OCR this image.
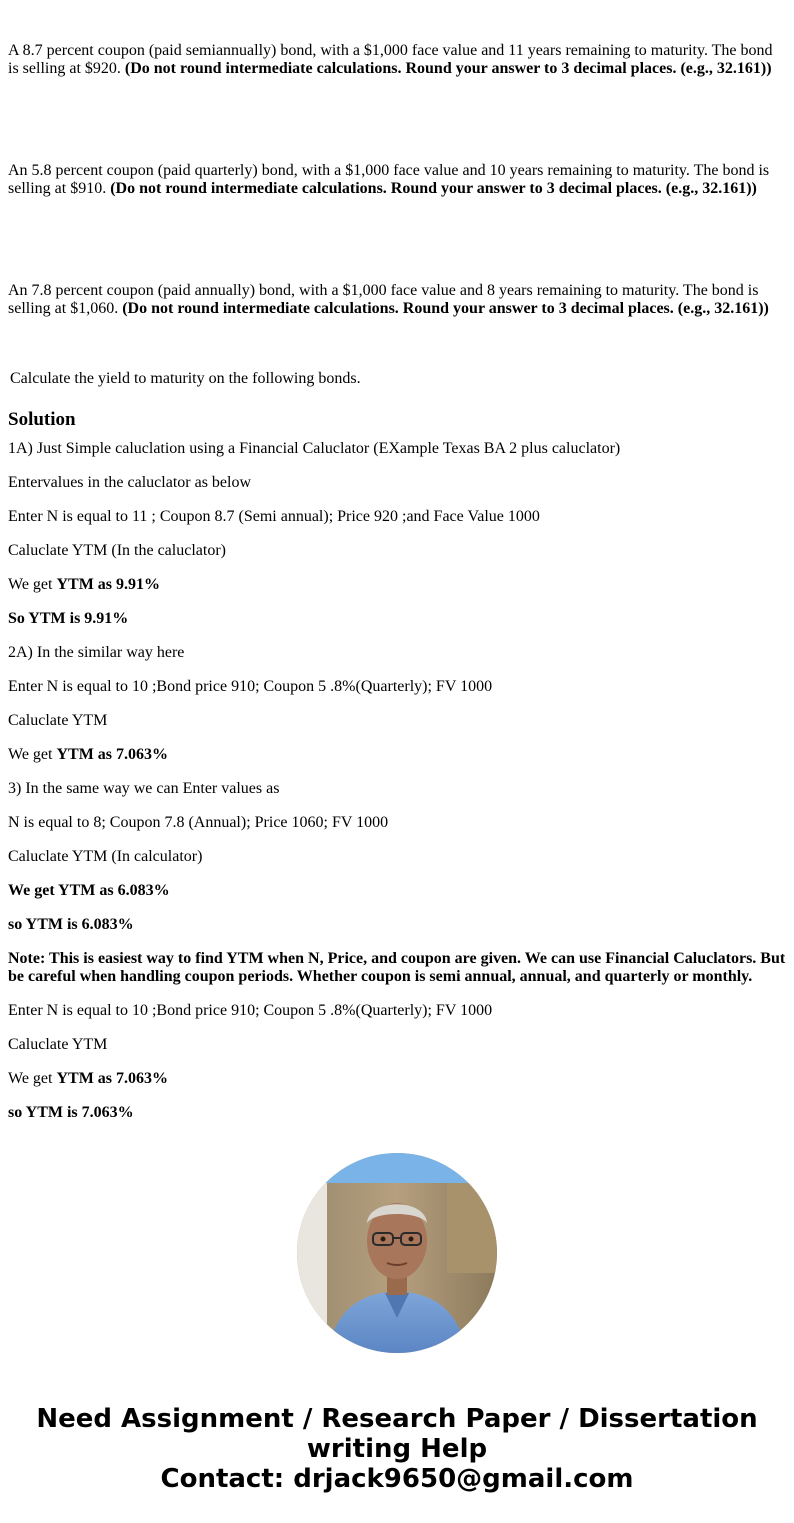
A 8.7 percent coupon (paid semiannually) bond, with a $1,000 face value and 11 years remaining to maturity. The bond is selling at $920. (Do not round intermediate calculations. Round your answer to 3 decimal places. (e.g., 32.161))

An 5.8 percent coupon (paid quarterly) bond, with a $1,000 face value and 10 years remaining to maturity. The bond is selling at $910. (Do not round intermediate calculations. Round your answer to 3 decimal places. (e.g., 32.161))

An 7.8 percent coupon (paid annually) bond, with a $1,000 face value and 8 years remaining to maturity. The bond is selling at $1,060. (Do not round intermediate calculations. Round your answer to 3 decimal places. (e.g., 32.161))

Calculate the yield to maturity on the following bonds.

Solution

1A) Just Simple caluclation using a Financial Caluclator (EXample Texas BA 2 plus caluclator)

Entervalues in the caluclator as below

Enter N is equal to 11 ; Coupon 8.7 (Semi annual); Price 920 ;and Face Value 1000

Caluclate YTM (In the caluclator)

We get YTM as 9.91%

So YTM is 9.91%

2A) In the similar way here

Enter N is equal to 10 ;Bond price 910; Coupon 5 .8%(Quarterly); FV 1000

Caluclate YTM

We get YTM as 7.063%

3) In the same way we can Enter values as

N is equal to 8; Coupon 7.8 (Annual); Price 1060; FV 1000

Caluclate YTM (In calculator)

We get YTM as 6.083%

so YTM is 6.083%

Note: This is easiest way to find YTM when N, Price, and coupon are given. We can use Financial Caluclators. But be careful when handling coupon periods. Whether coupon is semi annual, annual, and quarterly or monthly.

Enter N is equal to 10 ;Bond price 910; Coupon 5 .8%(Quarterly); FV 1000

Caluclate YTM

We get YTM as 7.063%

so YTM is 7.063%

Need Assignment / Research Paper / Dissertation writing Help
Contact: drjack9650@gmail.com
